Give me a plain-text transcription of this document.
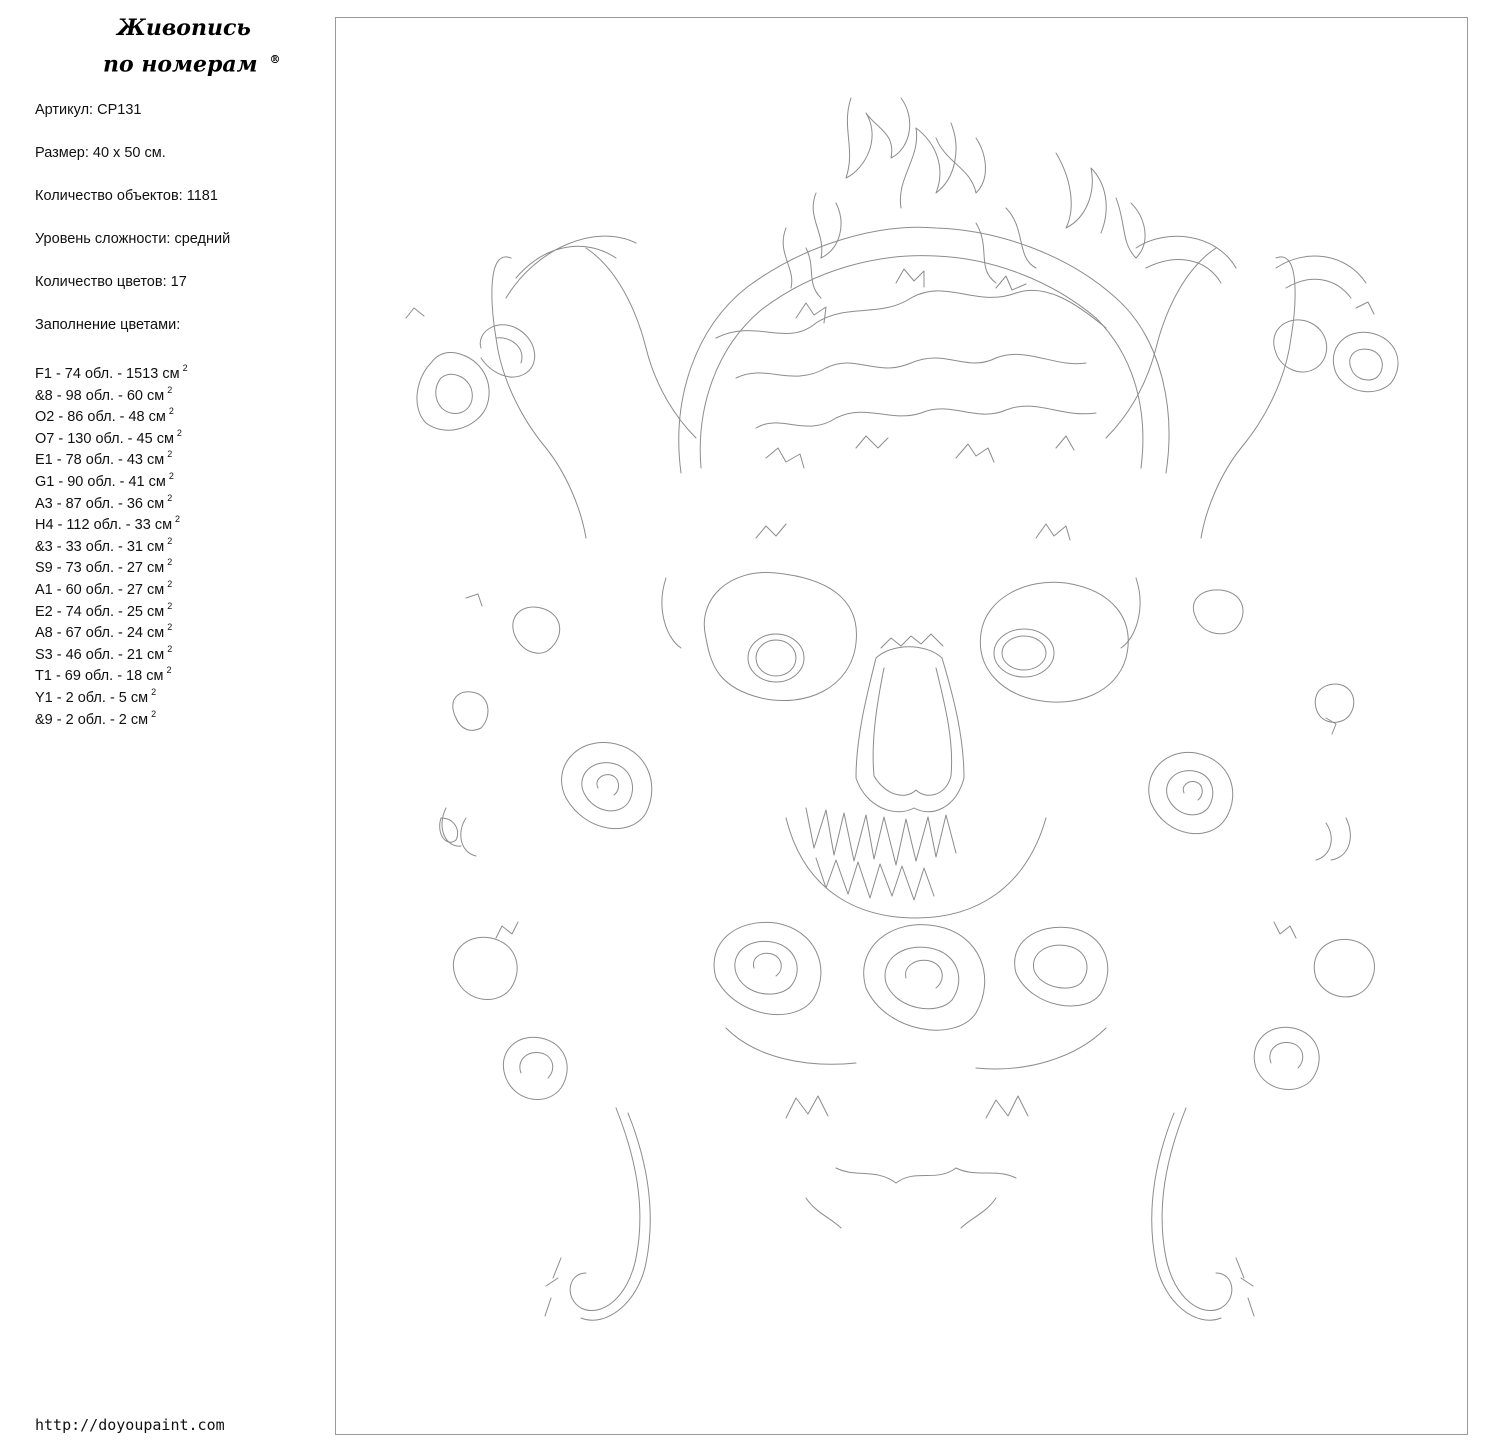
Живопись
по номерам ®
Артикул: CP131
Размер: 40 х 50 см.
Количество объектов: 1181
Уровень сложности: средний
Количество цветов: 17
Заполнение цветами:
F1 - 74 обл. - 1513 см $^2$
&8 - 98 обл. - 60 см $^2$
O2 - 86 обл. - 48 см $^2$
O7 - 130 обл. - 45 см $^2$
E1 - 78 обл. - 43 см $^2$
G1 - 90 обл. - 41 см $^2$
A3 - 87 обл. - 36 см $^2$
H4 - 112 обл. - 33 см $^2$
&3 - 33 обл. - 31 см $^2$
S9 - 73 обл. - 27 см $^2$
A1 - 60 обл. - 27 см $^2$
E2 - 74 обл. - 25 см $^2$
A8 - 67 обл. - 24 см $^2$
S3 - 46 обл. - 21 см $^2$
T1 - 69 обл. - 18 см $^2$
Y1 - 2 обл. - 5 см $^2$
&9 - 2 обл. - 2 см $^2$
http://doyoupaint.com
